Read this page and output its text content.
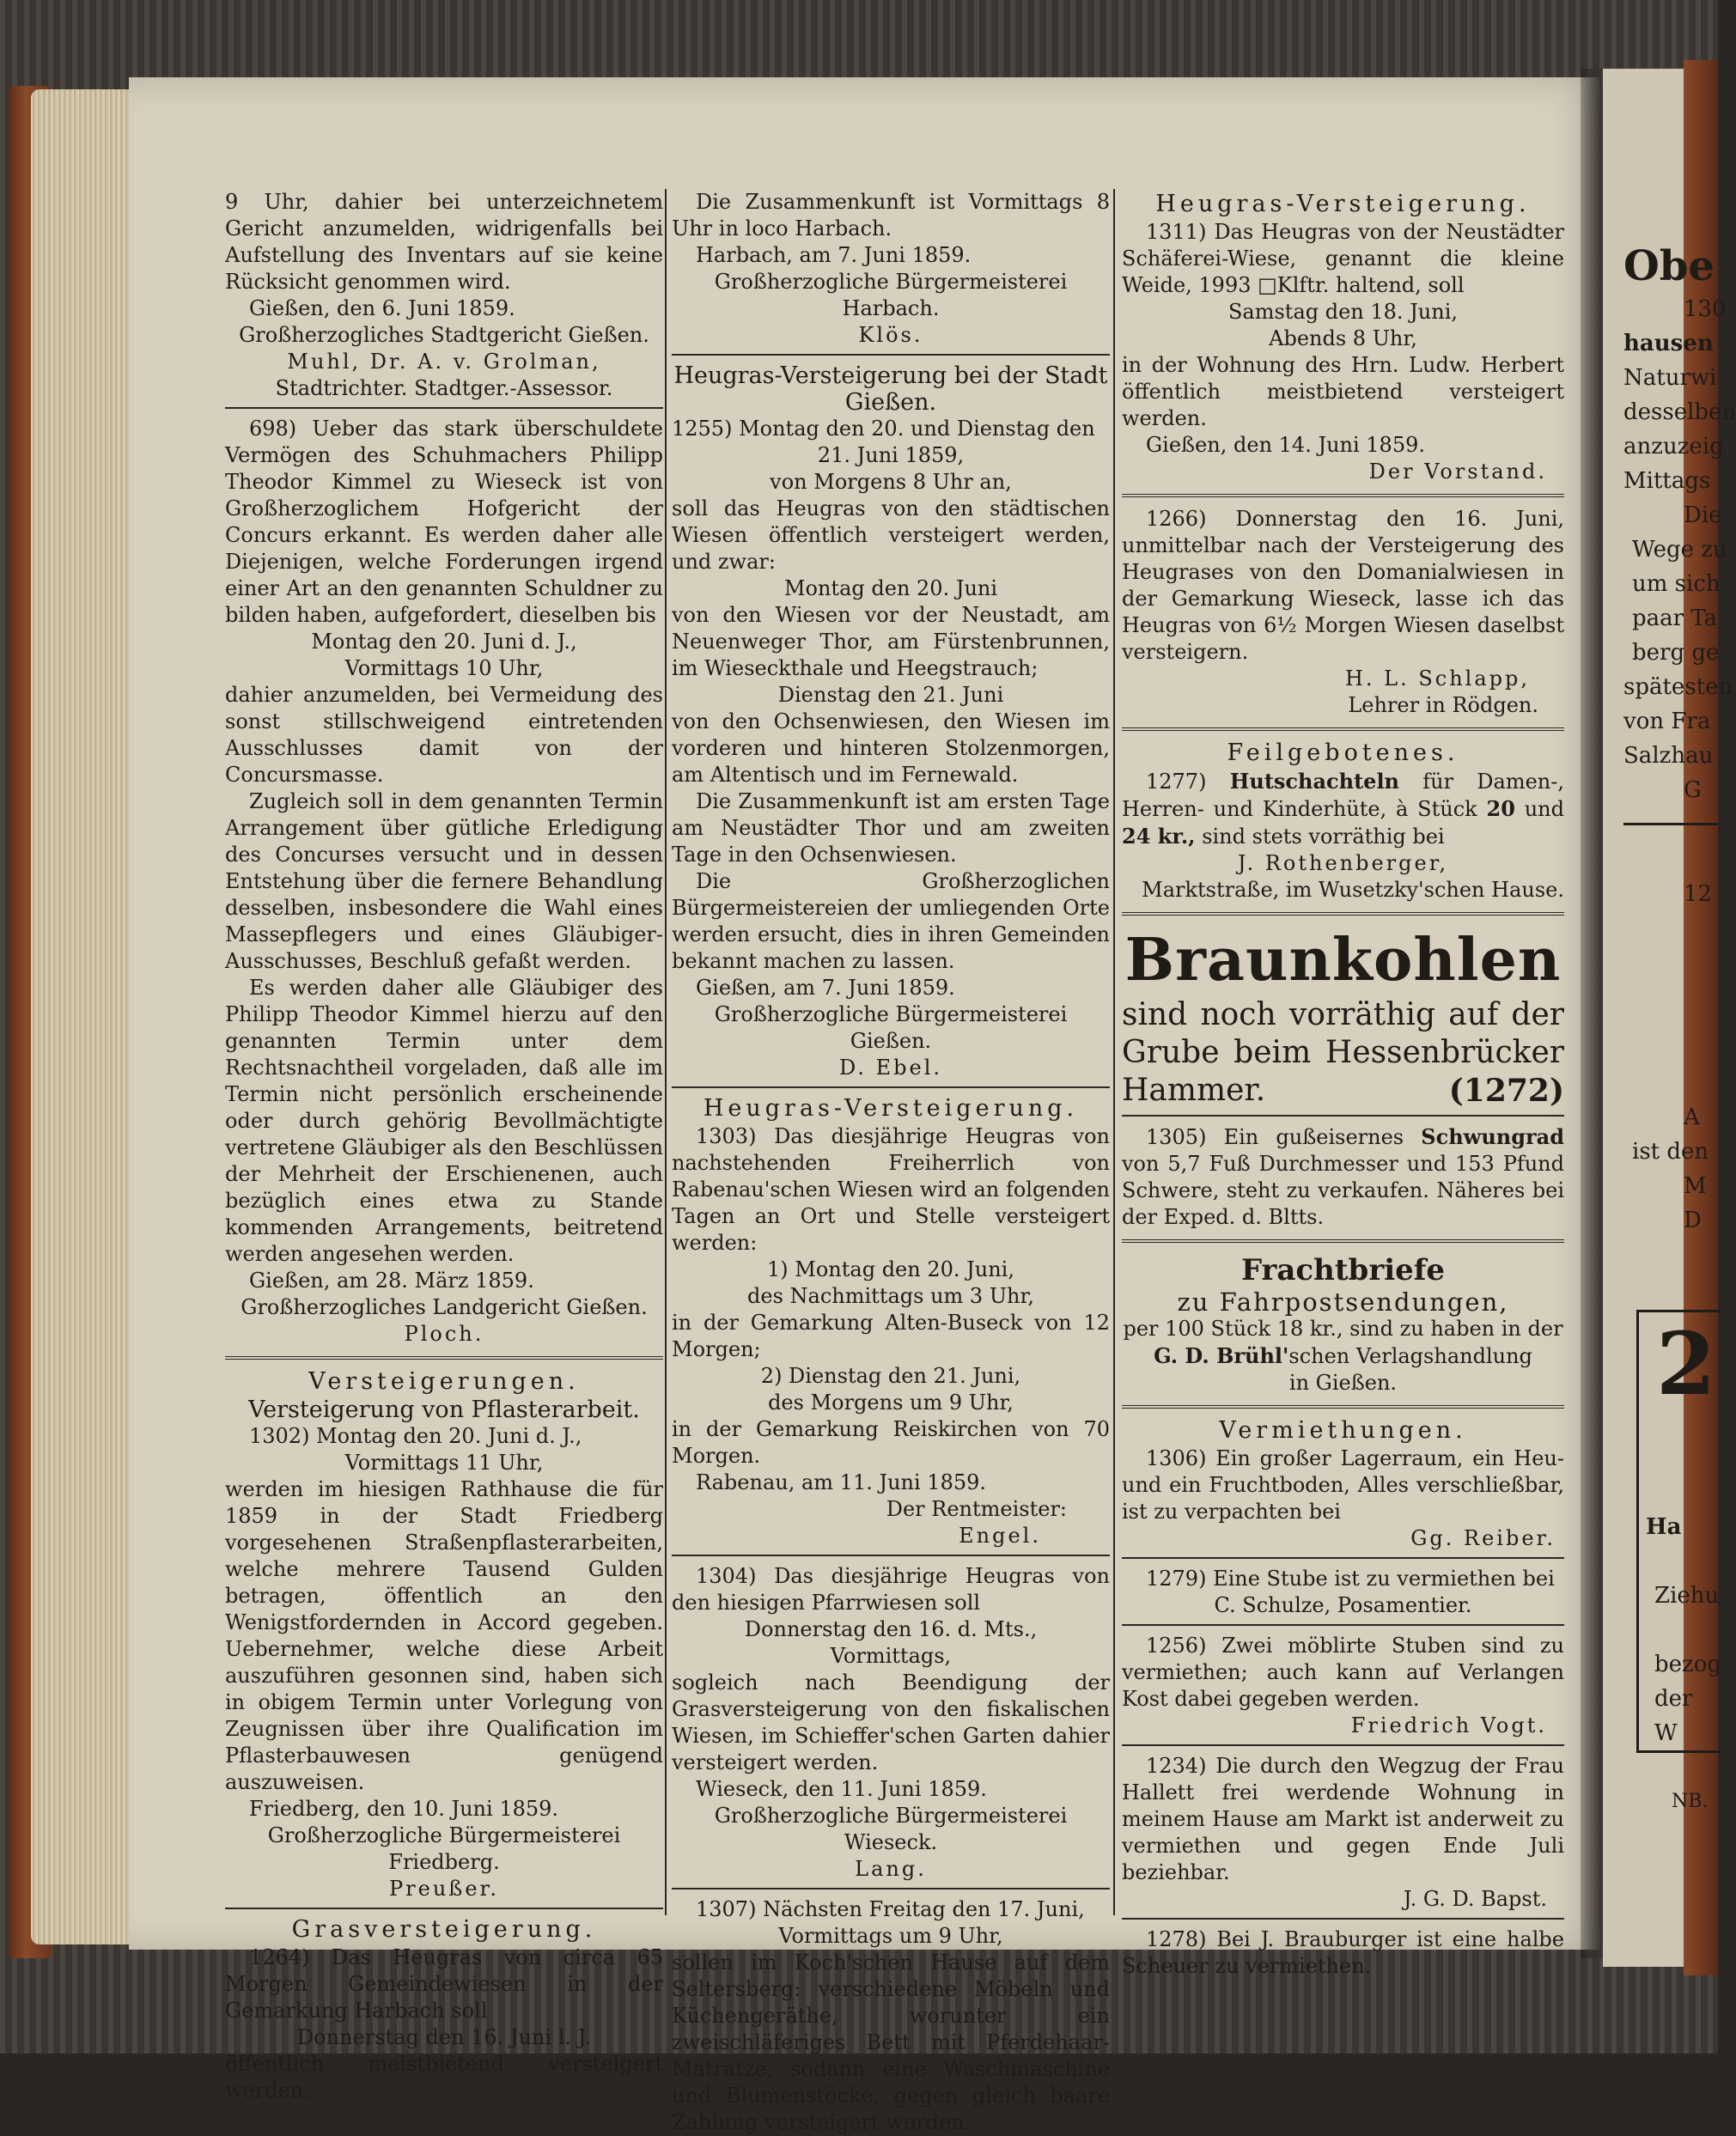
9 Uhr, dahier bei unterzeichnetem Gericht anzumelden, widrigenfalls bei Aufstellung des Inventars auf sie keine Rücksicht genommen wird.

Gießen, den 6. Juni 1859.

Großherzogliches Stadtgericht Gießen.

Muhl, Dr. A. v. Grolman,

Stadtrichter. Stadtger.-Assessor.

698) Ueber das stark überschuldete Vermögen des Schuhmachers Philipp Theodor Kimmel zu Wieseck ist von Großherzoglichem Hofgericht der Concurs erkannt. Es werden daher alle Diejenigen, welche Forderungen irgend einer Art an den genannten Schuldner zu bilden haben, aufgefordert, dieselben bis

Montag den 20. Juni d. J.,

Vormittags 10 Uhr,

dahier anzumelden, bei Vermeidung des sonst stillschweigend eintretenden Ausschlusses damit von der Concursmasse.

Zugleich soll in dem genannten Termin Arrangement über gütliche Erledigung des Concurses versucht und in dessen Entstehung über die fernere Behandlung desselben, insbesondere die Wahl eines Massepflegers und eines Gläubiger-Ausschusses, Beschluß gefaßt werden.

Es werden daher alle Gläubiger des Philipp Theodor Kimmel hierzu auf den genannten Termin unter dem Rechtsnachtheil vorgeladen, daß alle im Termin nicht persönlich erscheinende oder durch gehörig Bevollmächtigte vertretene Gläubiger als den Beschlüssen der Mehrheit der Erschienenen, auch bezüglich eines etwa zu Stande kommenden Arrangements, beitretend werden angesehen werden.

Gießen, am 28. März 1859.

Großherzogliches Landgericht Gießen.

Ploch.

Versteigerungen.

Versteigerung von Pflasterarbeit.

1302) Montag den 20. Juni d. J.,

Vormittags 11 Uhr,

werden im hiesigen Rathhause die für 1859 in der Stadt Friedberg vorgesehenen Straßenpflasterarbeiten, welche mehrere Tausend Gulden betragen, öffentlich an den Wenigstfordernden in Accord gegeben. Uebernehmer, welche diese Arbeit auszuführen gesonnen sind, haben sich in obigem Termin unter Vorlegung von Zeugnissen über ihre Qualification im Pflasterbauwesen genügend auszuweisen.

Friedberg, den 10. Juni 1859.

Großherzogliche Bürgermeisterei Friedberg.

Preußer.

Grasversteigerung.

1264) Das Heugras von circa 65 Morgen Gemeindewiesen in der Gemarkung Harbach soll

Donnerstag den 16. Juni l. J.

öffentlich meistbietend versteigert werden.

Die Zusammenkunft ist Vormittags 8 Uhr in loco Harbach.

Harbach, am 7. Juni 1859.

Großherzogliche Bürgermeisterei Harbach.

Klös.

Heugras-Versteigerung bei der Stadt Gießen.

1255) Montag den 20. und Dienstag den

21. Juni 1859,

von Morgens 8 Uhr an,

soll das Heugras von den städtischen Wiesen öffentlich versteigert werden, und zwar:

Montag den 20. Juni

von den Wiesen vor der Neustadt, am Neuenweger Thor, am Fürstenbrunnen, im Wieseckthale und Heegstrauch;

Dienstag den 21. Juni

von den Ochsenwiesen, den Wiesen im vorderen und hinteren Stolzenmorgen, am Altentisch und im Fernewald.

Die Zusammenkunft ist am ersten Tage am Neustädter Thor und am zweiten Tage in den Ochsenwiesen.

Die Großherzoglichen Bürgermeistereien der umliegenden Orte werden ersucht, dies in ihren Gemeinden bekannt machen zu lassen.

Gießen, am 7. Juni 1859.

Großherzogliche Bürgermeisterei Gießen.

D. Ebel.

Heugras-Versteigerung.

1303) Das diesjährige Heugras von nachstehenden Freiherrlich von Rabenau'schen Wiesen wird an folgenden Tagen an Ort und Stelle versteigert werden:

1) Montag den 20. Juni,

des Nachmittags um 3 Uhr,

in der Gemarkung Alten-Buseck von 12 Morgen;

2) Dienstag den 21. Juni,

des Morgens um 9 Uhr,

in der Gemarkung Reiskirchen von 70 Morgen.

Rabenau, am 11. Juni 1859.

Der Rentmeister:

Engel.

1304) Das diesjährige Heugras von den hiesigen Pfarrwiesen soll

Donnerstag den 16. d. Mts.,

Vormittags,

sogleich nach Beendigung der Grasversteigerung von den fiskalischen Wiesen, im Schieffer'schen Garten dahier versteigert werden.

Wieseck, den 11. Juni 1859.

Großherzogliche Bürgermeisterei Wieseck.

Lang.

1307) Nächsten Freitag den 17. Juni,

Vormittags um 9 Uhr,

sollen im Koch'schen Hause auf dem Seltersberg: verschiedene Möbeln und Küchengeräthe, worunter ein zweischläferiges Bett mit Pferdehaar-Matratze, sodann eine Waschmaschine und Blumenstöcke, gegen gleich baare Zahlung versteigert werden.

Heugras-Versteigerung.

1311) Das Heugras von der Neustädter Schäferei-Wiese, genannt die kleine Weide, 1993 □Klftr. haltend, soll

Samstag den 18. Juni,

Abends 8 Uhr,

in der Wohnung des Hrn. Ludw. Herbert öffentlich meistbietend versteigert werden.

Gießen, den 14. Juni 1859.

Der Vorstand.

1266) Donnerstag den 16. Juni, unmittelbar nach der Versteigerung des Heugrases von den Domanialwiesen in der Gemarkung Wieseck, lasse ich das Heugras von 6½ Morgen Wiesen daselbst versteigern.

H. L. Schlapp,

Lehrer in Rödgen.

Feilgebotenes.

1277) Hutschachteln für Damen-, Herren- und Kinderhüte, à Stück 20 und 24 kr., sind stets vorräthig bei

J. Rothenberger,

Marktstraße, im Wusetzky'schen Hause.

Braunkohlen

sind noch vorräthig auf der Grube beim Hessenbrücker Hammer.	(1272)

1305) Ein gußeisernes Schwungrad von 5,7 Fuß Durchmesser und 153 Pfund Schwere, steht zu verkaufen. Näheres bei der Exped. d. Bltts.

Frachtbriefe

zu Fahrpostsendungen,

per 100 Stück 18 kr., sind zu haben in der

G. D. Brühl'schen Verlagshandlung

in Gießen.

Vermiethungen.

1306) Ein großer Lagerraum, ein Heu- und ein Fruchtboden, Alles verschließbar, ist zu verpachten bei

Gg. Reiber.

1279) Eine Stube ist zu vermiethen bei

C. Schulze, Posamentier.

1256) Zwei möblirte Stuben sind zu vermiethen; auch kann auf Verlangen Kost dabei gegeben werden.

Friedrich Vogt.

1234) Die durch den Wegzug der Frau Hallett frei werdende Wohnung in meinem Hause am Markt ist anderweit zu vermiethen und gegen Ende Juli beziehbar.

J. G. D. Bapst.

1278) Bei J. Brauburger ist eine halbe Scheuer zu vermiethen.

Obe
130
hausen
Naturwi
desselben
anzuzeig
Mittags
Die
Wege zu
um sich
paar Ta
berg ge
spätesten
von Fra
Salzhau
G
12
A
ist den
M
D
2
Ha
Ziehu
bezog
der W
NB.
